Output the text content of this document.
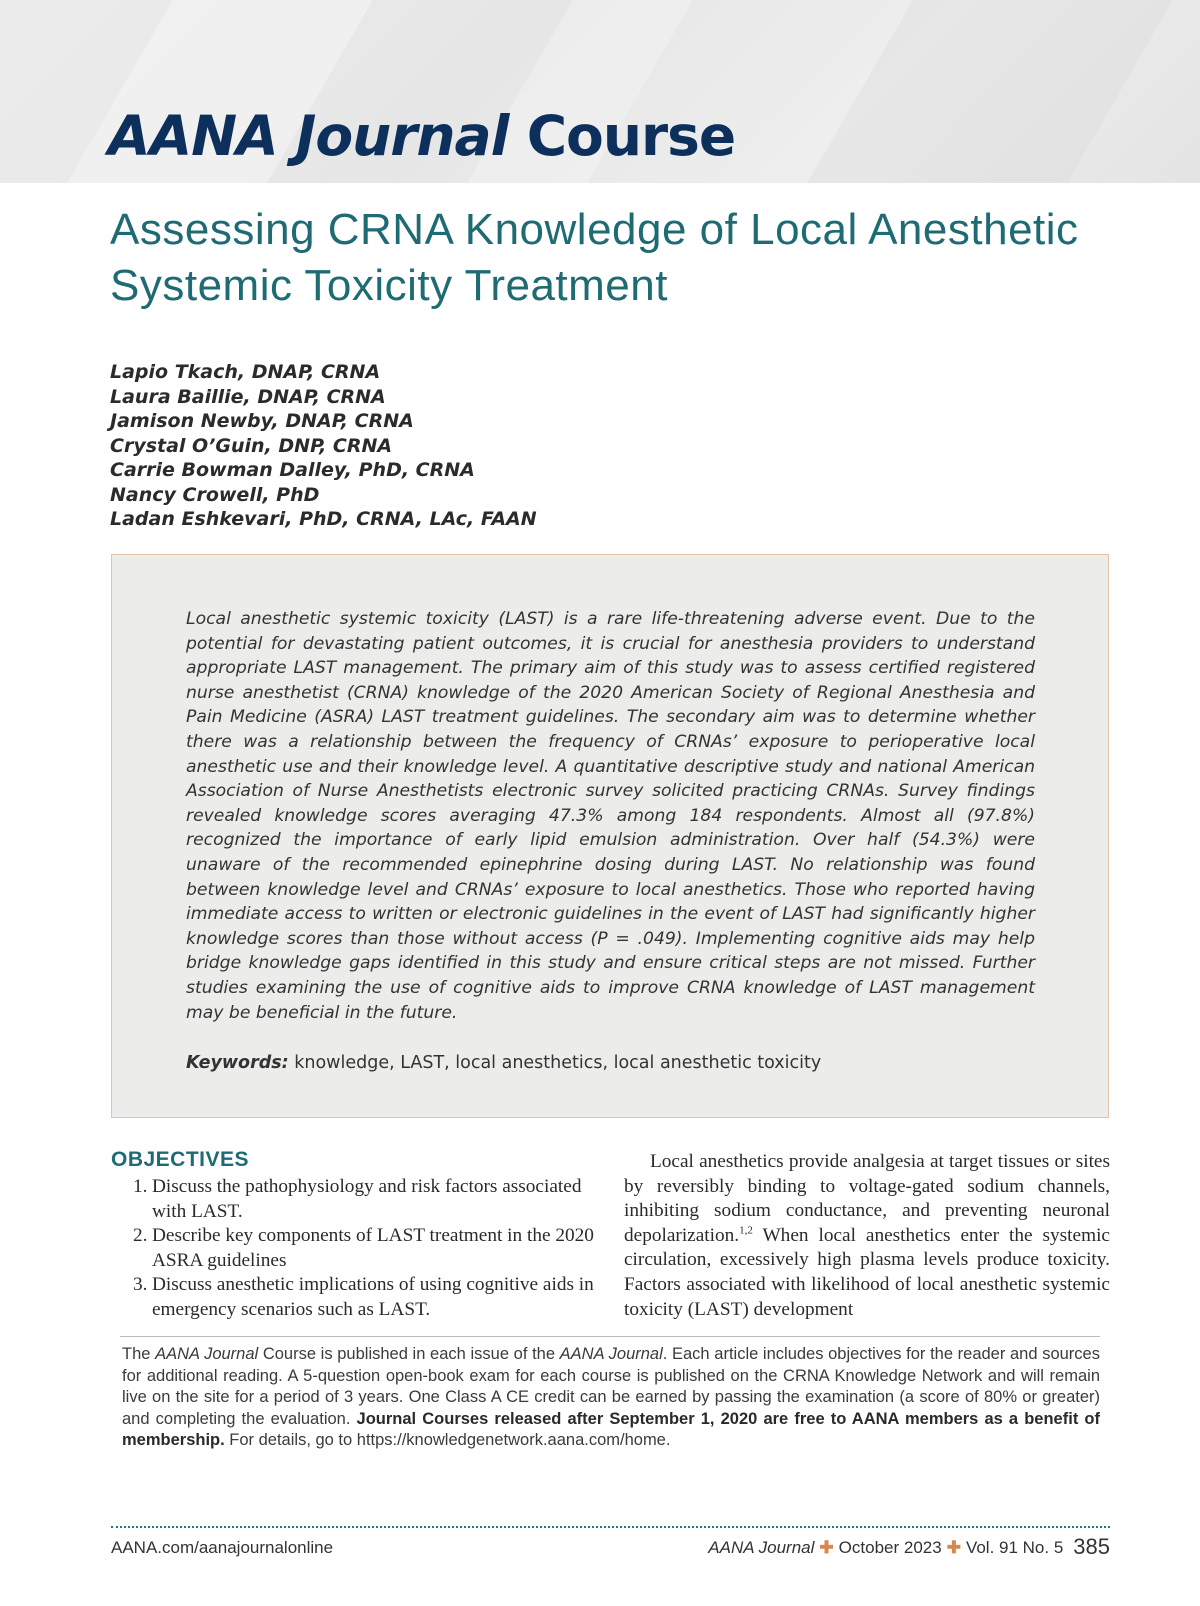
AANA Journal Course
Assessing CRNA Knowledge of Local Anesthetic Systemic Toxicity Treatment
Lapio Tkach, DNAP, CRNA
Laura Baillie, DNAP, CRNA
Jamison Newby, DNAP, CRNA
Crystal O’Guin, DNP, CRNA
Carrie Bowman Dalley, PhD, CRNA
Nancy Crowell, PhD
Ladan Eshkevari, PhD, CRNA, LAc, FAAN

Local anesthetic systemic toxicity (LAST) is a rare life-threatening adverse event. Due to the potential for devastating patient outcomes, it is crucial for anesthesia providers to understand appropriate LAST management. The primary aim of this study was to assess certified registered nurse anesthetist (CRNA) knowledge of the 2020 American Society of Regional Anesthesia and Pain Medicine (ASRA) LAST treatment guidelines. The secondary aim was to determine whether there was a relationship between the frequency of CRNAs’ exposure to perioperative local anesthetic use and their knowledge level. A quantitative descriptive study and national American Association of Nurse Anesthetists electronic survey solicited practicing CRNAs. Survey findings revealed knowledge scores averaging 47.3% among 184 respondents. Almost all (97.8%) recognized the importance of early lipid emulsion administration. Over half (54.3%) were unaware of the recommended epinephrine dosing during LAST. No relationship was found between knowledge level and CRNAs’ exposure to local anesthetics. Those who reported having immediate access to written or electronic guidelines in the event of LAST had significantly higher knowledge scores than those without access (P = .049). Implementing cognitive aids may help bridge knowledge gaps identified in this study and ensure critical steps are not missed. Further studies examining the use of cognitive aids to improve CRNA knowledge of LAST management may be beneficial in the future.

Keywords: knowledge, LAST, local anesthetics, local anesthetic toxicity

OBJECTIVES
1. Discuss the pathophysiology and risk factors associated with LAST.
2. Describe key components of LAST treatment in the 2020 ASRA guidelines
3. Discuss anesthetic implications of using cognitive aids in emergency scenarios such as LAST.

Local anesthetics provide analgesia at target tissues or sites by reversibly binding to voltage-gated sodium channels, inhibiting sodium conductance, and preventing neuronal depolarization.$^{1,2}$ When local anesthetics enter the systemic circulation, excessively high plasma levels produce toxicity. Factors associated with likelihood of local anesthetic systemic toxicity (LAST) development

The AANA Journal Course is published in each issue of the AANA Journal. Each article includes objectives for the reader and sources for additional reading. A 5-question open-book exam for each course is published on the CRNA Knowledge Network and will remain live on the site for a period of 3 years. One Class A CE credit can be earned by passing the examination (a score of 80% or greater) and completing the evaluation. Journal Courses released after September 1, 2020 are free to AANA members as a benefit of membership. For details, go to https://knowledgenetwork.aana.com/home.

AANA.com/aanajournalonline	AANA Journal ✚ October 2023 ✚ Vol. 91 No. 5 385
